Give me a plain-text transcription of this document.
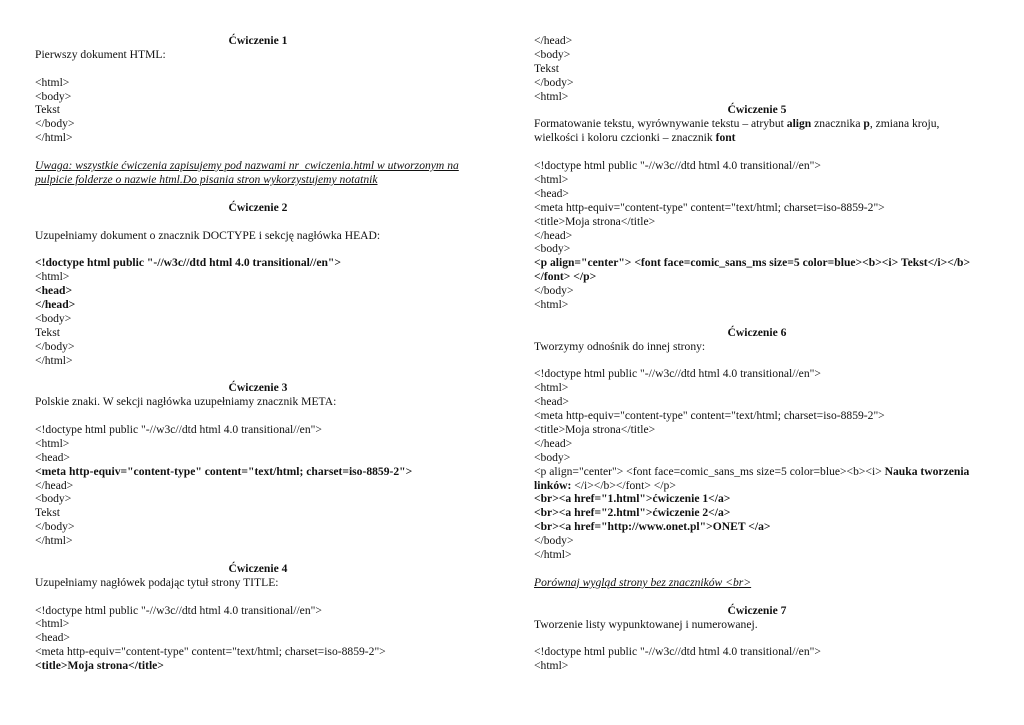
Ćwiczenie 1
Pierwszy dokument HTML:
<html>
<body>
Tekst
</body>
</html>
Uwaga: wszystkie ćwiczenia zapisujemy pod nazwami nr_cwiczenia.html w utworzonym na pulpicie folderze o nazwie html.Do pisania stron wykorzystujemy notatnik
Ćwiczenie 2
Uzupełniamy dokument o znacznik DOCTYPE i sekcję nagłówka HEAD:
<!doctype html public "-//w3c//dtd html 4.0 transitional//en">
<html>
<head>
</head>
<body>
Tekst
</body>
</html>
Ćwiczenie 3
Polskie znaki. W sekcji nagłówka uzupełniamy znacznik META:
<!doctype html public "-//w3c//dtd html 4.0 transitional//en">
<html>
<head>
<meta http-equiv="content-type" content="text/html; charset=iso-8859-2">
</head>
<body>
Tekst
</body>
</html>
Ćwiczenie 4
Uzupełniamy nagłówek podając tytuł strony TITLE:
<!doctype html public "-//w3c//dtd html 4.0 transitional//en">
<html>
<head>
<meta http-equiv="content-type" content="text/html; charset=iso-8859-2">
<title>Moja strona</title>
</head>
<body>
Tekst
</body>
<html>
Ćwiczenie 5
Formatowanie tekstu, wyrównywanie tekstu – atrybut align znacznika p, zmiana kroju, wielkości i koloru czcionki – znacznik font
<!doctype html public "-//w3c//dtd html 4.0 transitional//en">
<html>
<head>
<meta http-equiv="content-type" content="text/html; charset=iso-8859-2">
<title>Moja strona</title>
</head>
<body>
<p align="center"> <font face=comic_sans_ms size=5 color=blue><b><i> Tekst</i></b></font> </p>
</body>
<html>
Ćwiczenie 6
Tworzymy odnośnik do innej strony:
<!doctype html public "-//w3c//dtd html 4.0 transitional//en">
<html>
<head>
<meta http-equiv="content-type" content="text/html; charset=iso-8859-2">
<title>Moja strona</title>
</head>
<body>
<p align="center"> <font face=comic_sans_ms size=5 color=blue><b><i> Nauka tworzenia linków: </i></b></font> </p>
<br><a href="1.html">ćwiczenie 1</a>
<br><a href="2.html">ćwiczenie 2</a>
<br><a href="http://www.onet.pl">ONET </a>
</body>
</html>
Porównaj wygląd strony bez znaczników <br>
Ćwiczenie 7
Tworzenie listy wypunktowanej i numerowanej.
<!doctype html public "-//w3c//dtd html 4.0 transitional//en">
<html>
